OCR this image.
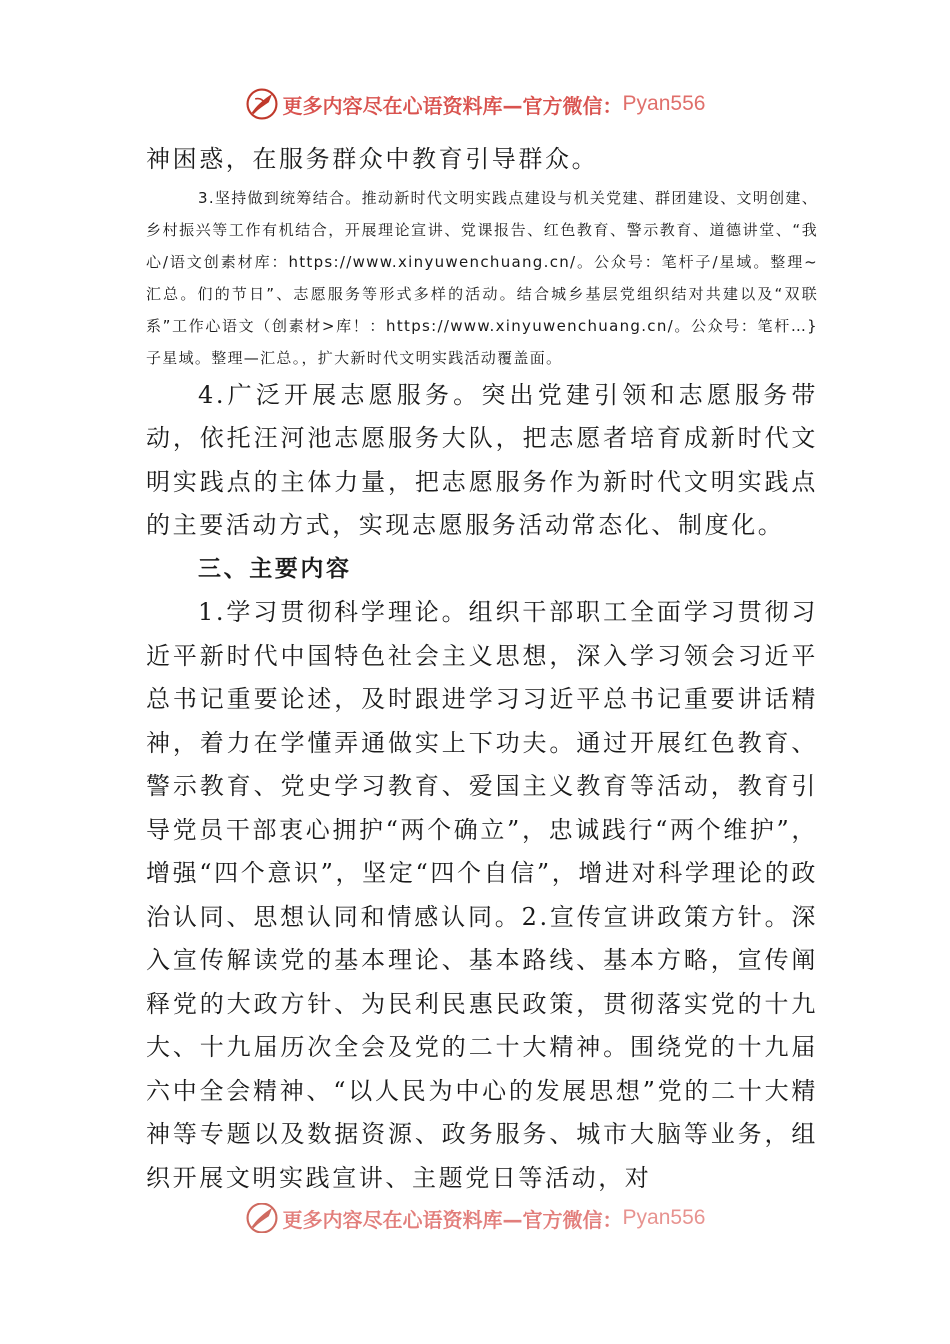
更多内容尽在心语资料库—官方微信： Pyan556

神困惑，在服务群众中教育引导群众。

3.坚持做到统筹结合。推动新时代文明实践点建设与机关党建、群团建设、文明创建、乡村振兴等工作有机结合，开展理论宣讲、党课报告、红色教育、警示教育、道德讲堂、“我心/语文创素材库：https://www.xinyuwenchuang.cn/。公众号：笔杆子/星域。整理~汇总。们的节日”、志愿服务等形式多样的活动。结合城乡基层党组织结对共建以及“双联系”工作心语文（创素材>库！：https://www.xinyuwenchuang.cn/。公众号：笔杆…}子星域。整理—汇总。，扩大新时代文明实践活动覆盖面。

4.广泛开展志愿服务。突出党建引领和志愿服务带动，依托汪河池志愿服务大队，把志愿者培育成新时代文明实践点的主体力量，把志愿服务作为新时代文明实践点的主要活动方式，实现志愿服务活动常态化、制度化。

三、主要内容

1.学习贯彻科学理论。组织干部职工全面学习贯彻习近平新时代中国特色社会主义思想，深入学习领会习近平总书记重要论述，及时跟进学习习近平总书记重要讲话精神，着力在学懂弄通做实上下功夫。通过开展红色教育、警示教育、党史学习教育、爱国主义教育等活动，教育引导党员干部衷心拥护“两个确立”，忠诚践行“两个维护”，增强“四个意识”，坚定“四个自信”，增进对科学理论的政治认同、思想认同和情感认同。2.宣传宣讲政策方针。深入宣传解读党的基本理论、基本路线、基本方略，宣传阐释党的大政方针、为民利民惠民政策，贯彻落实党的十九大、十九届历次全会及党的二十大精神。围绕党的十九届六中全会精神、“以人民为中心的发展思想”党的二十大精神等专题以及数据资源、政务服务、城市大脑等业务，组织开展文明实践宣讲、主题党日等活动，对

更多内容尽在心语资料库—官方微信： Pyan556
